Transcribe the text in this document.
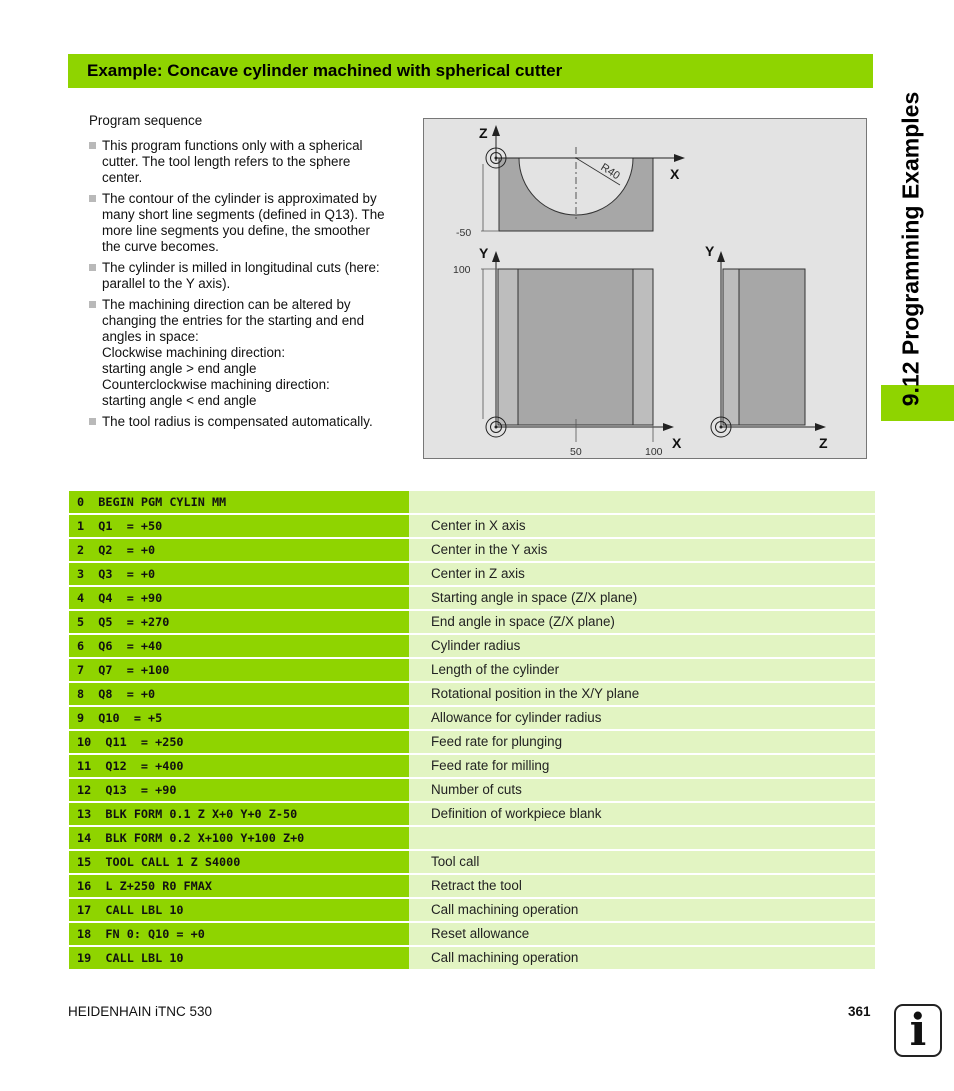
Example: Concave cylinder machined with spherical cutter
9.12 Programming Examples
Program sequence
This program functions only with a spherical
cutter. The tool length refers to the sphere
center.
The contour of the cylinder is approximated by
many short line segments (defined in Q13). The
more line segments you define, the smoother
the curve becomes.
The cylinder is milled in longitudinal cuts (here:
parallel to the Y axis).
The machining direction can be altered by
changing the entries for the starting and end
angles in space:
Clockwise machining direction:
starting angle > end angle
Counterclockwise machining direction:
starting angle < end angle
The tool radius is compensated automatically.
Z
X
R40
-50
Y	Y
100
50	100
X	Z
0  BEGIN PGM CYLIN MM
1  Q1  = +50	Center in X axis
2  Q2  = +0	Center in the Y axis
3  Q3  = +0	Center in Z axis
4  Q4  = +90	Starting angle in space (Z/X plane)
5  Q5  = +270	End angle in space (Z/X plane)
6  Q6  = +40	Cylinder radius
7  Q7  = +100	Length of the cylinder
8  Q8  = +0	Rotational position in the X/Y plane
9  Q10  = +5	Allowance for cylinder radius
10  Q11  = +250	Feed rate for plunging
11  Q12  = +400	Feed rate for milling
12  Q13  = +90	Number of cuts
13  BLK FORM 0.1 Z X+0 Y+0 Z-50	Definition of workpiece blank
14  BLK FORM 0.2 X+100 Y+100 Z+0
15  TOOL CALL 1 Z S4000	Tool call
16  L Z+250 R0 FMAX	Retract the tool
17  CALL LBL 10	Call machining operation
18  FN 0: Q10 = +0	Reset allowance
19  CALL LBL 10	Call machining operation
HEIDENHAIN iTNC 530	361 i
